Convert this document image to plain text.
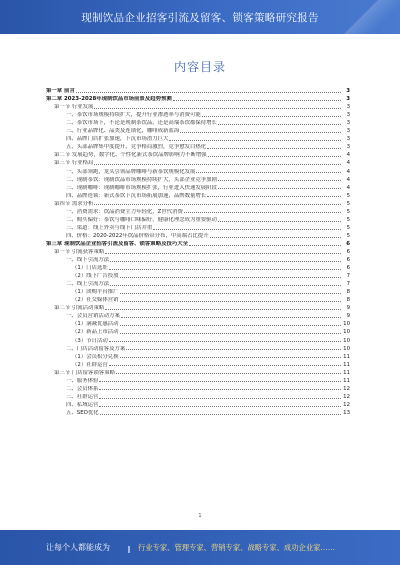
现制饮品企业招客引流及留客、锁客策略研究报告
内容目录
第一章 前言	3
第二章 2023-2028年现制饮品市场前景及趋势预测	3
第一节 行业发展	3
一、茶饮市场规模持续扩大，提升行业渗透率与消费可能	3
二、茶饮市场下，不论是现制茶饮品，还是高端茶饮都保持增长	3
三、行业品牌化、品类及连锁化，咖啡成新蓝海	3
四、品牌门店扩张加速，下沉市场潜力巨大	3
五、头部品牌集中度提升，竞争格局激烈，竞争愈发白热化	3
第二节 发展趋势，数字化、个性化新式茶饮品牌影响力不断增强	4
第三节 行业格局	4
一、头部领跑，龙头引领品牌咖啡与新茶饮规模化发展	4
二、现制茶饮：现制饮品市场规模持续扩大，头部企业竞争加剧	4
三、现制咖啡：现制咖啡市场规模扩张，行业进入快速发展阶段	4
四、品牌连锁：新式茶饮下沉市场拓展加速，品牌数量增长	5
第四节 需求分析	5
一、消费需求：饮品消费主力年轻化，Z世代消费	5
二、购买偏好：茶饮与咖啡口味偏好，健康化理念成为重要驱动	5
三、渠道：线上外卖与线下门店并重	5
四、价格：2020-2022年饮品价格带分布，中高端占比提升	5
第三章 现制饮品企业招客引流及留客、锁客策略及技巧大全	6
第一节 引流获客策略	6
一、线下引流方法	6
（1）门店选址	6
（2）线下广告投放	7
二、线上引流方法	7
（1）团购平台推广	8
（2）社交媒体营销	8
第二节 引流活动策略	9
一、会员营销活动方案	9
（1）满减优惠活动	10
（2）新品上市活动	10
（3）节日活动	10
二、门店活动留客及方案	10
（1）会员积分兑换	11
（2）社群运营	11
第三节 门店留客锁客策略	11
一、服务体验	11
二、会员体系	12
三、社群运营	12
四、私域运营	12
五、SEO优化	13
1
让每个人都能成为	行业专家、管理专家、营销专家、战略专家、成功企业家……
